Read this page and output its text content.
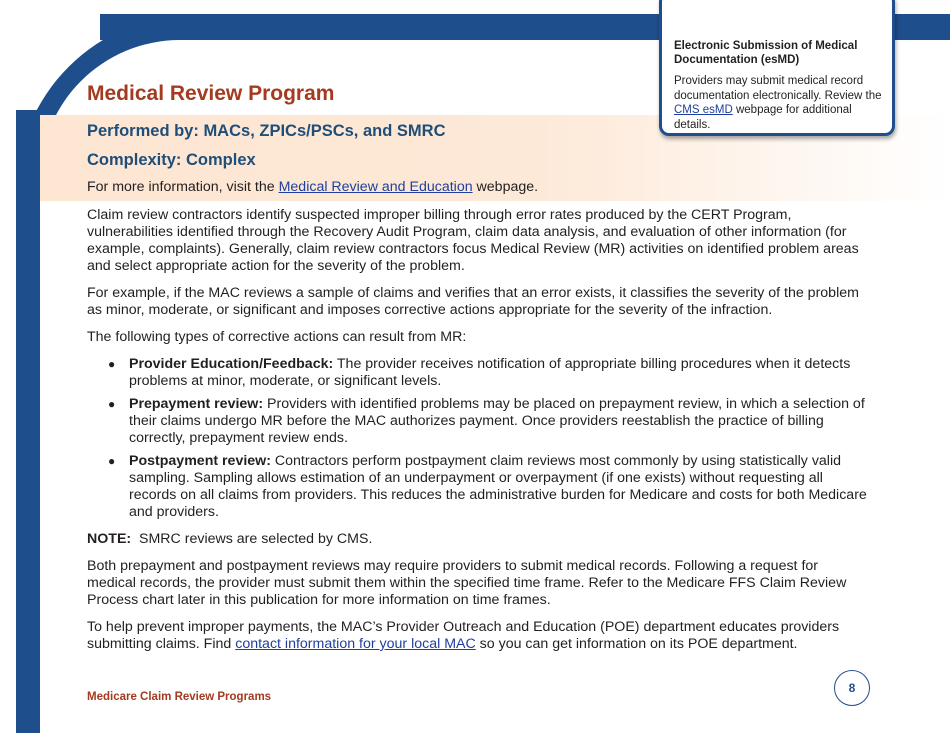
Medical Review Program
Performed by: MACs, ZPICs/PSCs, and SMRC
Complexity: Complex

For more information, visit the Medical Review and Education webpage.

Claim review contractors identify suspected improper billing through error rates produced by the CERT Program, vulnerabilities identified through the Recovery Audit Program, claim data analysis, and evaluation of other information (for example, complaints). Generally, claim review contractors focus Medical Review (MR) activities on identified problem areas and select appropriate action for the severity of the problem.

For example, if the MAC reviews a sample of claims and verifies that an error exists, it classifies the severity of the problem as minor, moderate, or significant and imposes corrective actions appropriate for the severity of the infraction.

The following types of corrective actions can result from MR:

● Provider Education/Feedback: The provider receives notification of appropriate billing procedures when it detects problems at minor, moderate, or significant levels.
● Prepayment review: Providers with identified problems may be placed on prepayment review, in which a selection of their claims undergo MR before the MAC authorizes payment. Once providers reestablish the practice of billing correctly, prepayment review ends.
● Postpayment review: Contractors perform postpayment claim reviews most commonly by using statistically valid sampling. Sampling allows estimation of an underpayment or overpayment (if one exists) without requesting all records on all claims from providers. This reduces the administrative burden for Medicare and costs for both Medicare and providers.

NOTE:  SMRC reviews are selected by CMS.

Both prepayment and postpayment reviews may require providers to submit medical records. Following a request for medical records, the provider must submit them within the specified time frame. Refer to the Medicare FFS Claim Review Process chart later in this publication for more information on time frames.

To help prevent improper payments, the MAC’s Provider Outreach and Education (POE) department educates providers submitting claims. Find contact information for your local MAC so you can get information on its POE department.

Electronic Submission of Medical Documentation (esMD)

Providers may submit medical record documentation electronically. Review the CMS esMD webpage for additional details.

Medicare Claim Review Programs

8
